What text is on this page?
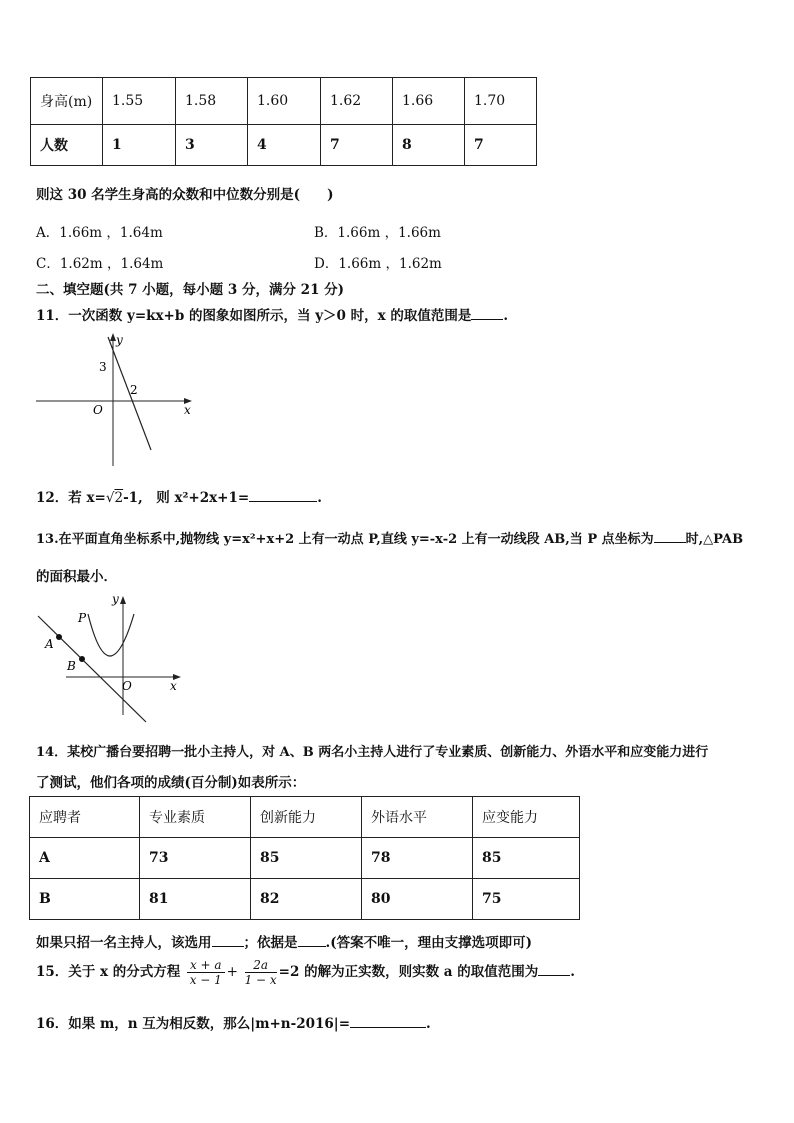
身高(m)	1.55	1.58	1.60	1.62	1.66	1.70
人数	1	3	4	7	8	7
则这 30 名学生身高的众数和中位数分别是(　　)
A．1.66m ，1.64m	B．1.66m ，1.66m
C．1.62m ，1.64m	D．1.66m ，1.62m
二、填空题(共 7 小题，每小题 3 分，满分 21 分)
11．一次函数 y=kx+b 的图象如图所示，当 y＞0 时，x 的取值范围是 .
y
x
O
3
2
12．若 x=√2-1,　则 x²+2x+1=	.
13.在平面直角坐标系中,抛物线 y=x²+x+2 上有一动点 P,直线 y=-x-2 上有一动线段 AB,当 P 点坐标为 时,△PAB
的面积最小．
P
A
B
O	x
y
14．某校广播台要招聘一批小主持人，对 A、B 两名小主持人进行了专业素质、创新能力、外语水平和应变能力进行
了测试，他们各项的成绩(百分制)如表所示：
应聘者	专业素质	创新能力	外语水平	应变能力
A	73	85	78	85
B	81	82	80	75
如果只招一名主持人，该选用 ；依据是 .(答案不唯一，理由支撑选项即可)
15．关于 x 的分式方程 $\frac{x + a}{x - 1} + \frac{2a}{1 - x} =2$ 的解为正实数，则实数 a 的取值范围为 .
16．如果 m，n 互为相反数，那么|m+n-2016|=	.
